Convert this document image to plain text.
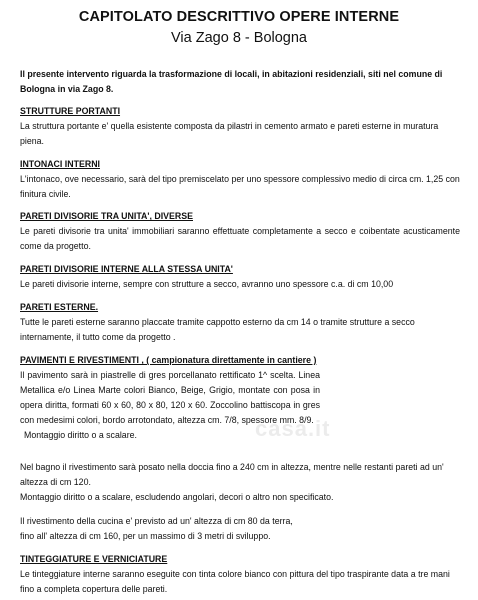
CAPITOLATO DESCRITTIVO OPERE INTERNE
Via Zago 8 - Bologna
Il presente intervento riguarda la trasformazione di locali, in abitazioni residenziali, siti nel comune di Bologna in via Zago 8.
STRUTTURE PORTANTI
La struttura portante e' quella esistente composta da pilastri in cemento armato e pareti esterne in muratura piena.
INTONACI INTERNI
L'intonaco, ove necessario, sarà del tipo premiscelato per uno spessore complessivo medio di circa cm. 1,25 con finitura civile.
PARETI DIVISORIE TRA UNITA', DIVERSE
Le pareti divisorie tra unita' immobiliari saranno effettuate completamente a secco e coibentate acusticamente come da progetto.
PARETI DIVISORIE INTERNE ALLA STESSA UNITA'
Le pareti divisorie interne, sempre con strutture a secco, avranno uno spessore c.a. di cm 10,00
PARETI ESTERNE.
Tutte le pareti esterne saranno placcate tramite cappotto esterno da cm 14 o tramite strutture a secco internamente, il tutto come da progetto .
PAVIMENTI E RIVESTIMENTI , ( campionatura direttamente in cantiere )
Il pavimento sarà in piastrelle di gres porcellanato rettificato 1^ scelta. Linea Metallica e/o Linea Marte colori Bianco, Beige, Grigio, montate con posa in opera diritta, formati 60 x 60, 80 x 80, 120 x 60. Zoccolino battiscopa in gres con medesimi colori, bordo arrotondato, altezza cm. 7/8, spessore mm. 8/9.
Montaggio diritto o a scalare.	casa.it
Nel bagno il rivestimento sarà posato nella doccia fino a 240 cm in altezza, mentre nelle restanti pareti ad un' altezza di cm 120.
Montaggio diritto o a scalare, escludendo angolari, decori o altro non specificato.
Il rivestimento della cucina e' previsto ad un' altezza di cm 80 da terra,
fino all' altezza di cm 160, per un massimo di 3 metri di sviluppo.
TINTEGGIATURE E VERNICIATURE
Le tinteggiature interne saranno eseguite con tinta colore bianco con pittura del tipo traspirante data a tre mani fino a completa copertura delle pareti.
